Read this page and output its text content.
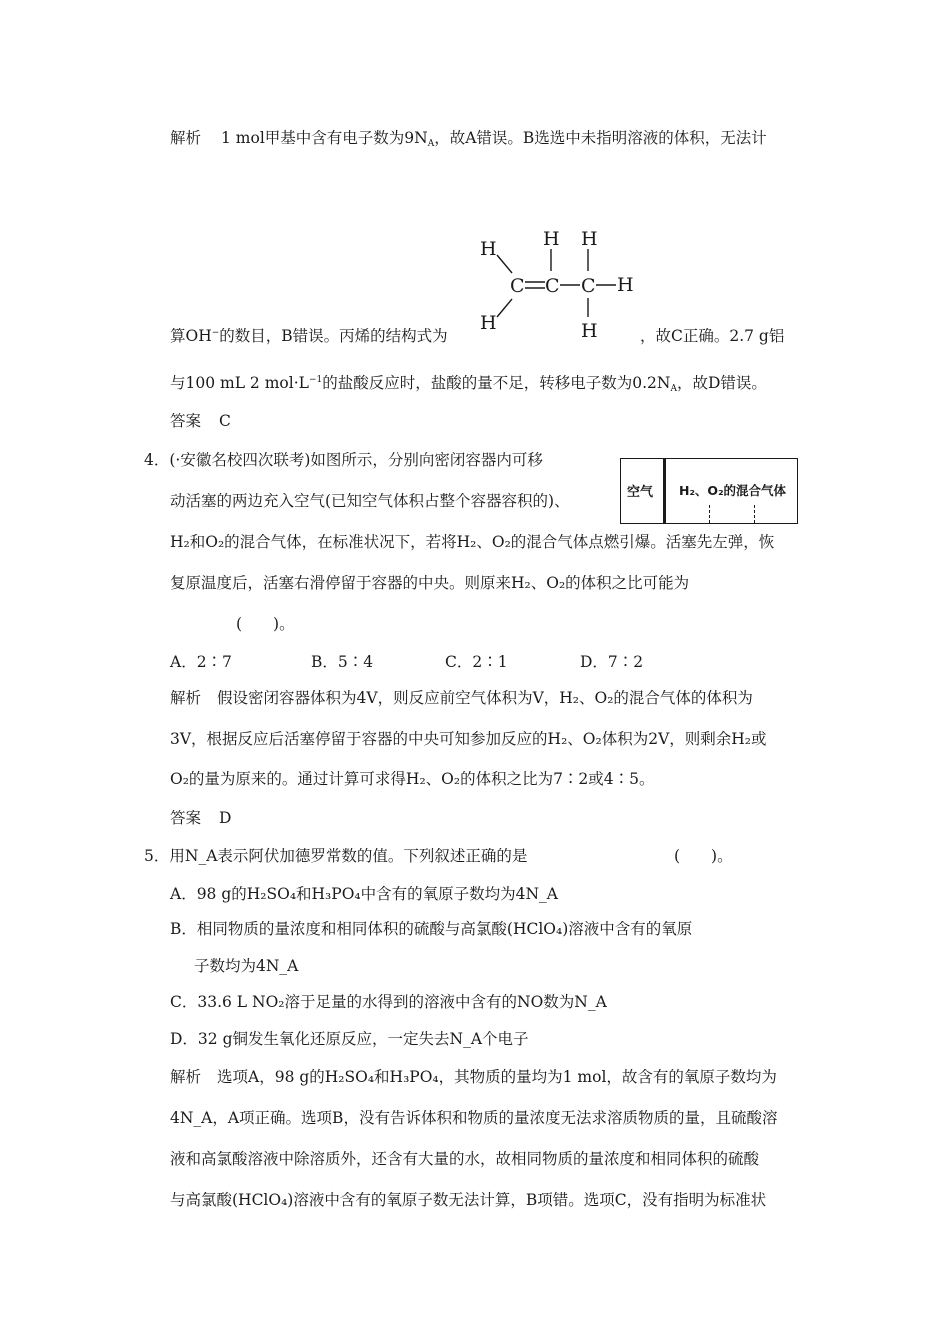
解析 1 mol甲基中含有电子数为$9N_A$，故A错误。B选选中未指明溶液的体积，无法计
H H H
H
H	H
C C C
算OH−的数目，B错误。丙烯的结构式为	，故C正确。2.7 g铝
与100 mL 2 $mol\cdot L^{-1}$的盐酸反应时，盐酸的量不足，转移电子数为$0.2N_A$，故D错误。
答案 C
4．(·安徽名校四次联考)如图所示，分别向密闭容器内可移
动活塞的两边充入空气(已知空气体积占整个容器容积的)、	空气 H₂、O₂的混合气体
H₂和O₂的混合气体，在标准状况下，若将H₂、O₂的混合气体点燃引爆。活塞先左弹，恢
复原温度后，活塞右滑停留于容器的中央。则原来H₂、O₂的体积之比可能为
(　　)。
A．2∶7	B．5∶4	C．2∶1	D．7∶2
解析 假设密闭容器体积为4V，则反应前空气体积为V，H₂、O₂的混合气体的体积为
3V，根据反应后活塞停留于容器的中央可知参加反应的H₂、O₂体积为2V，则剩余H₂或
O₂的量为原来的。通过计算可求得H₂、O₂的体积之比为7∶2或4∶5。
答案 D
5．用N_A表示阿伏加德罗常数的值。下列叙述正确的是	(　　)。
A．98 g的H₂SO₄和H₃PO₄中含有的氧原子数均为4N_A
B．相同物质的量浓度和相同体积的硫酸与高氯酸(HClO₄)溶液中含有的氧原
子数均为4N_A
C．33.6 L NO₂溶于足量的水得到的溶液中含有的NO数为N_A
D．32 g铜发生氧化还原反应，一定失去N_A个电子
解析 选项A，98 g的H₂SO₄和H₃PO₄，其物质的量均为1 mol，故含有的氧原子数均为
4N_A，A项正确。选项B，没有告诉体积和物质的量浓度无法求溶质物质的量，且硫酸溶
液和高氯酸溶液中除溶质外，还含有大量的水，故相同物质的量浓度和相同体积的硫酸
与高氯酸(HClO₄)溶液中含有的氧原子数无法计算，B项错。选项C，没有指明为标准状
